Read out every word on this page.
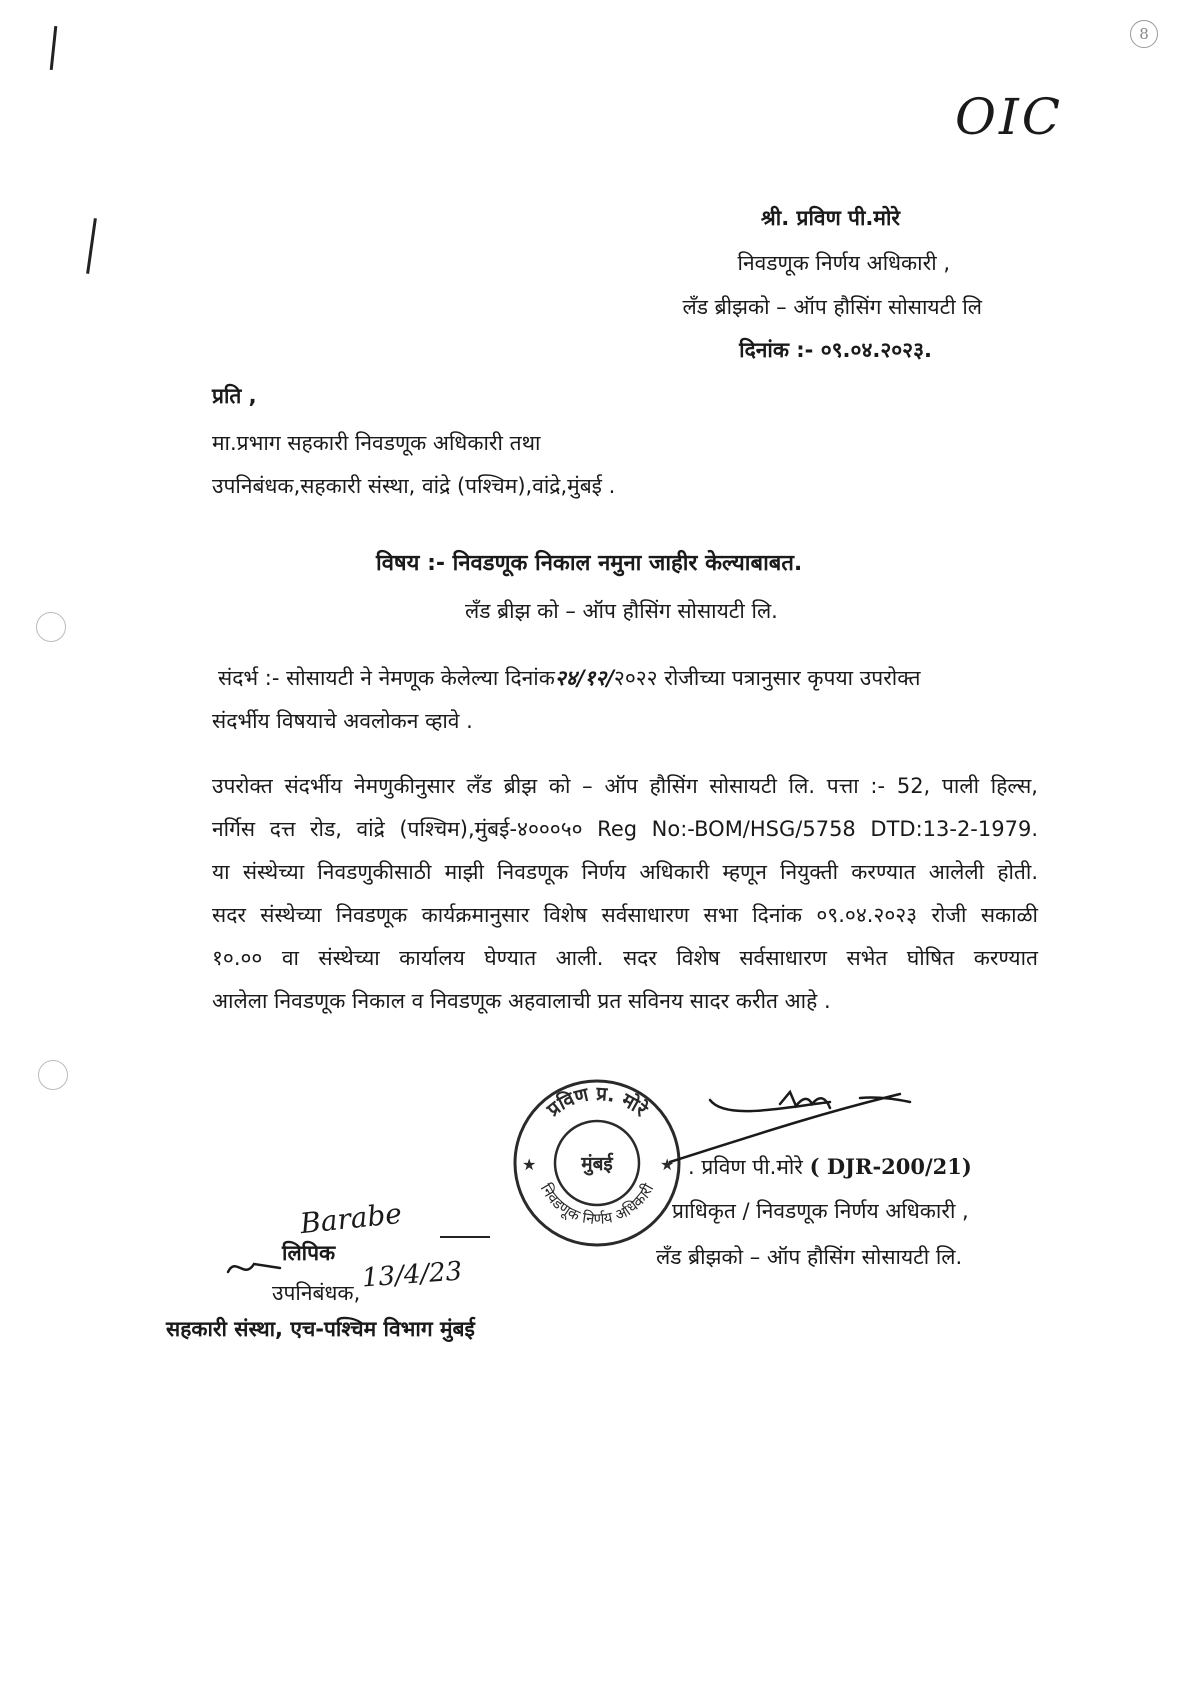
8
OIC
श्री. प्रविण पी.मोरे
निवडणूक निर्णय अधिकारी ,
लँड ब्रीझको – ऑप हौसिंग सोसायटी लि
दिनांक :- ०९.०४.२०२३.
प्रति ,
मा.प्रभाग सहकारी निवडणूक अधिकारी तथा
उपनिबंधक,सहकारी संस्था, वांद्रे (पश्चिम),वांद्रे,मुंबई .
विषय :- निवडणूक निकाल नमुना जाहीर केल्याबाबत.
लँड ब्रीझ को – ऑप हौसिंग सोसायटी लि.
संदर्भ :- सोसायटी ने नेमणूक केलेल्या दिनांक२४/१२/२०२२ रोजीच्या पत्रानुसार कृपया उपरोक्त
संदर्भीय विषयाचे अवलोकन व्हावे .
उपरोक्त संदर्भीय नेमणुकीनुसार लँड ब्रीझ को – ऑप हौसिंग सोसायटी लि. पत्ता :- 52, पाली हिल्स,
नर्गिस दत्त रोड, वांद्रे (पश्चिम),मुंबई-४०००५० Reg No:-BOM/HSG/5758 DTD:13-2-1979.
या संस्थेच्या निवडणुकीसाठी माझी निवडणूक निर्णय अधिकारी म्हणून नियुक्ती करण्यात आलेली होती.
सदर संस्थेच्या निवडणूक कार्यक्रमानुसार विशेष सर्वसाधारण सभा दिनांक ०९.०४.२०२३ रोजी सकाळी
१०.०० वा संस्थेच्या कार्यालय घेण्यात आली. सदर विशेष सर्वसाधारण सभेत घोषित करण्यात
आलेला निवडणूक निकाल व निवडणूक अहवालाची प्रत सविनय सादर करीत आहे .
प्रविण प्र. मोरे
मुंबई
निवडणूक निर्णय अधिकारी
★	★ . प्रविण पी.मोरे ( DJR-200/21)
प्राधिकृत / निवडणूक निर्णय अधिकारी ,
लँड ब्रीझको – ऑप हौसिंग सोसायटी लि.
Barabe
लिपिक
उपनिबंधक, 13/4/23
सहकारी संस्था, एच-पश्चिम विभाग मुंबई
